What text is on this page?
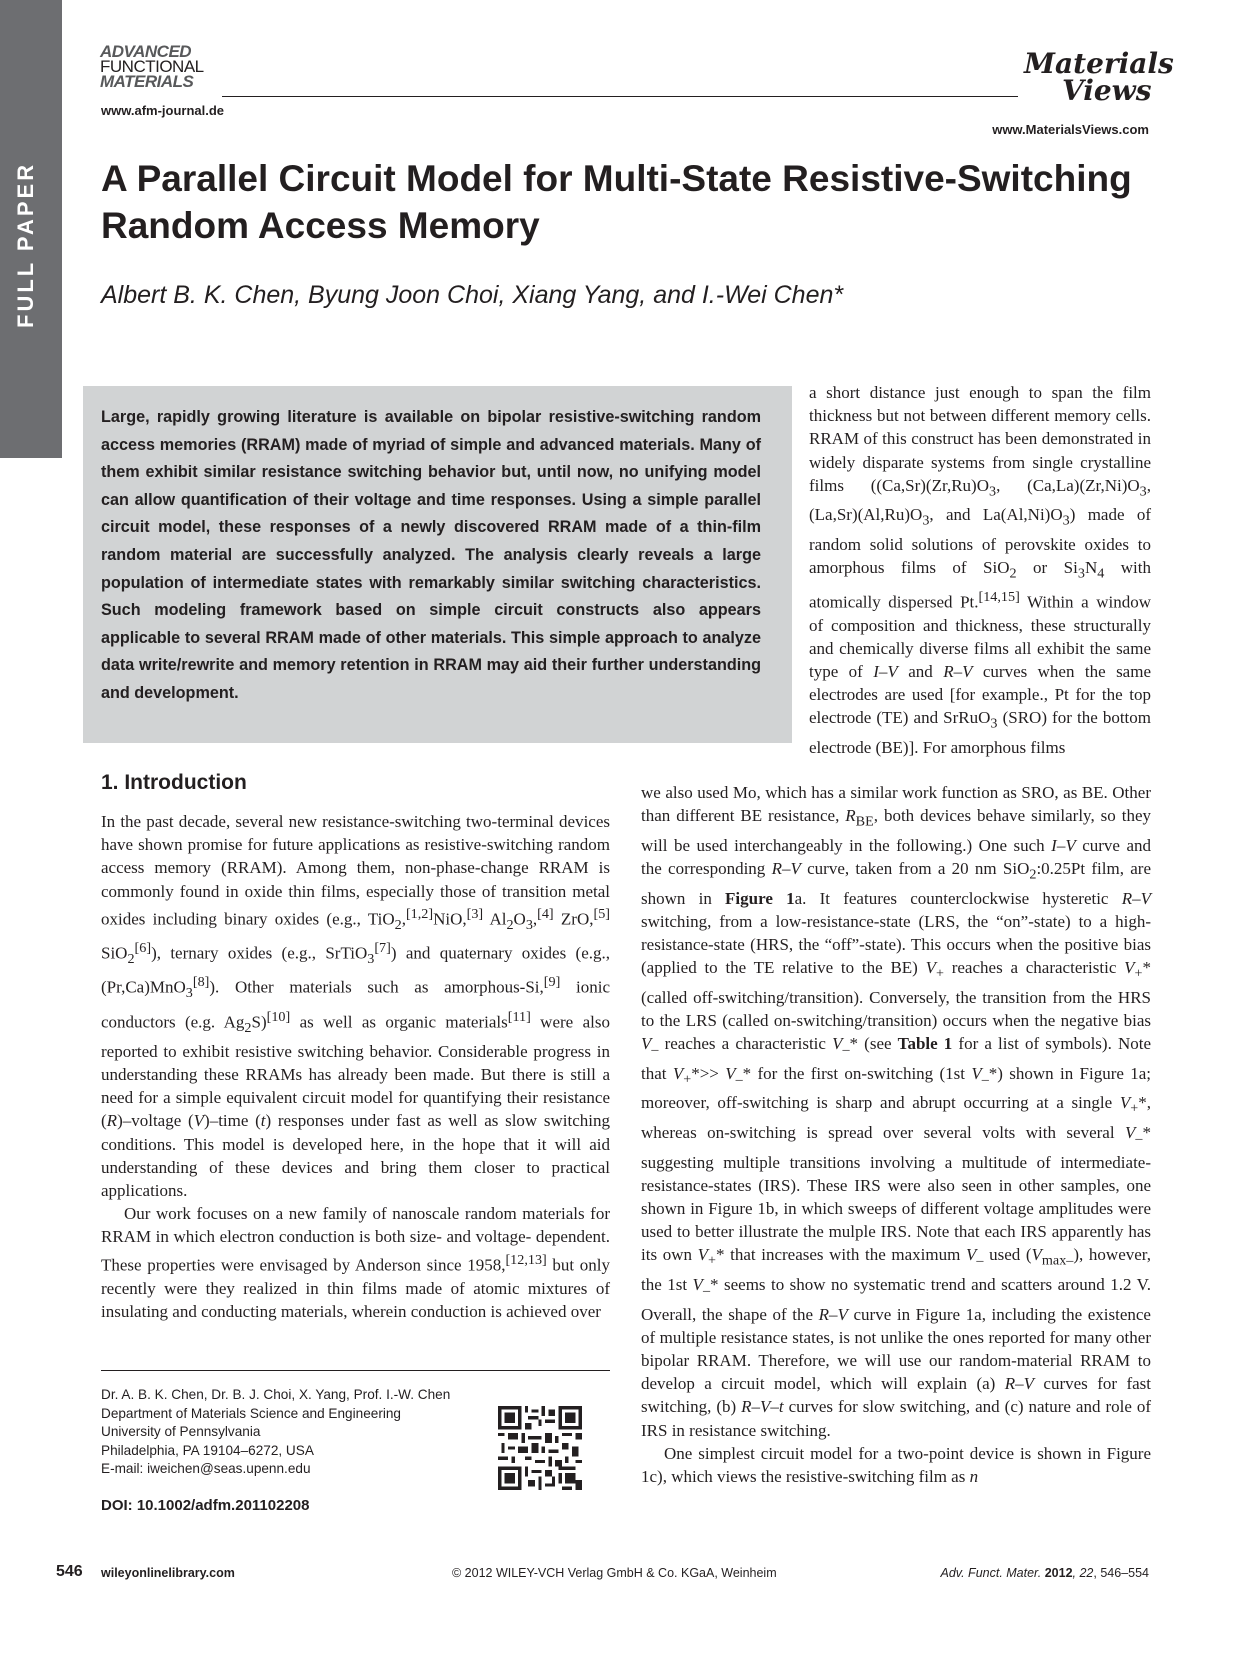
FULL PAPER
ADVANCED
FUNCTIONAL
MATERIALS
www.afm-journal.de
Materials
Views
www.MaterialsViews.com
A Parallel Circuit Model for Multi-State Resistive-Switching Random Access Memory
Albert B. K. Chen, Byung Joon Choi, Xiang Yang, and I.-Wei Chen*

Large, rapidly growing literature is available on bipolar resistive-switching random access memories (RRAM) made of myriad of simple and advanced materials. Many of them exhibit similar resistance switching behavior but, until now, no unifying model can allow quantification of their voltage and time responses. Using a simple parallel circuit model, these responses of a newly discovered RRAM made of a thin-film random material are successfully analyzed. The analysis clearly reveals a large population of intermediate states with remarkably similar switching characteristics. Such modeling framework based on simple circuit constructs also appears applicable to several RRAM made of other materials. This simple approach to analyze data write/rewrite and memory retention in RRAM may aid their further understanding and development.

a short distance just enough to span the film thickness but not between different memory cells. RRAM of this construct has been demonstrated in widely disparate systems from single crystalline films ($(Ca,Sr)(Zr,Ru)O_3$, $(Ca,La)(Zr,Ni)O_3$, $(La,Sr)(Al,Ru)O_3$, and $La(Al,Ni)O_3$) made of random solid solutions of perovskite oxides to amorphous films of SiO$_2$ or $Si_3N_4$ with atomically dispersed Pt.[14,15] Within a window of composition and thickness, these structurally and chemically diverse films all exhibit the same type of I–V and R–V curves when the same electrodes are used [for example., Pt for the top electrode (TE) and SrRuO$_3$ (SRO) for the bottom electrode (BE)]. For amorphous films

we also used Mo, which has a similar work function as SRO, as BE. Other than different BE resistance, $R_{BE}$, both devices behave similarly, so they will be used interchangeably in the following.) One such I–V curve and the corresponding R–V curve, taken from a 20 nm SiO$_2$:0.25Pt film, are shown in Figure 1a. It features counterclockwise hysteretic R–V switching, from a low-resistance-state (LRS, the “on”-state) to a high-resistance-state (HRS, the “off”-state). This occurs when the positive bias (applied to the TE relative to the BE) $V_+$ reaches a characteristic $V_+*$ (called off-switching/transition). Conversely, the transition from the HRS to the LRS (called on-switching/transition) occurs when the negative bias $V_-$ reaches a characteristic $V_-*$ (see Table 1 for a list of symbols). Note that $V_+*>> V_-*$ for the first on-switching (1st $V_-*$) shown in Figure 1a; moreover, off-switching is sharp and abrupt occurring at a single $V_+*$, whereas on-switching is spread over several volts with several $V_-*$ suggesting multiple transitions involving a multitude of intermediate-resistance-states (IRS). These IRS were also seen in other samples, one shown in Figure 1b, in which sweeps of different voltage amplitudes were used to better illustrate the mulple IRS. Note that each IRS apparently has its own $V_+*$ that increases with the maximum $V_-$ used $(V_{max-})$, however, the 1st $V_-*$ seems to show no systematic trend and scatters around 1.2 V. Overall, the shape of the R–V curve in Figure 1a, including the existence of multiple resistance states, is not unlike the ones reported for many other bipolar RRAM. Therefore, we will use our random-material RRAM to develop a circuit model, which will explain (a) R–V curves for fast switching, (b) R–V–t curves for slow switching, and (c) nature and role of IRS in resistance switching.

One simplest circuit model for a two-point device is shown in Figure 1c), which views the resistive-switching film as n

1. Introduction

In the past decade, several new resistance-switching two-terminal devices have shown promise for future applications as resistive-switching random access memory (RRAM). Among them, non-phase-change RRAM is commonly found in oxide thin films, especially those of transition metal oxides including binary oxides (e.g., TiO$_2$,[1,2]NiO,[3] $Al_2O_3,[4]$ ZrO,[5] SiO$_2$[6]), ternary oxides (e.g., SrTiO$_3$[7]) and quaternary oxides (e.g., (Pr,Ca)MnO$_3$[8]). Other materials such as amorphous-Si,[9] ionic conductors (e.g. $Ag_2S)[10]$ as well as organic materials[11] were also reported to exhibit resistive switching behavior. Considerable progress in understanding these RRAMs has already been made. But there is still a need for a simple equivalent circuit model for quantifying their resistance (R)–voltage (V)–time (t) responses under fast as well as slow switching conditions. This model is developed here, in the hope that it will aid understanding of these devices and bring them closer to practical applications.

Our work focuses on a new family of nanoscale random materials for RRAM in which electron conduction is both size- and voltage- dependent. These properties were envisaged by Anderson since 1958,[12,13] but only recently were they realized in thin films made of atomic mixtures of insulating and conducting materials, wherein conduction is achieved over

Dr. A. B. K. Chen, Dr. B. J. Choi, X. Yang, Prof. I.-W. Chen
Department of Materials Science and Engineering
University of Pennsylvania
Philadelphia, PA 19104–6272, USA
E-mail: iweichen@seas.upenn.edu
DOI: 10.1002/adfm.201102208
546 wileyonlinelibrary.com	© 2012 WILEY-VCH Verlag GmbH & Co. KGaA, Weinheim	Adv. Funct. Mater. 2012, 22, 546–554
